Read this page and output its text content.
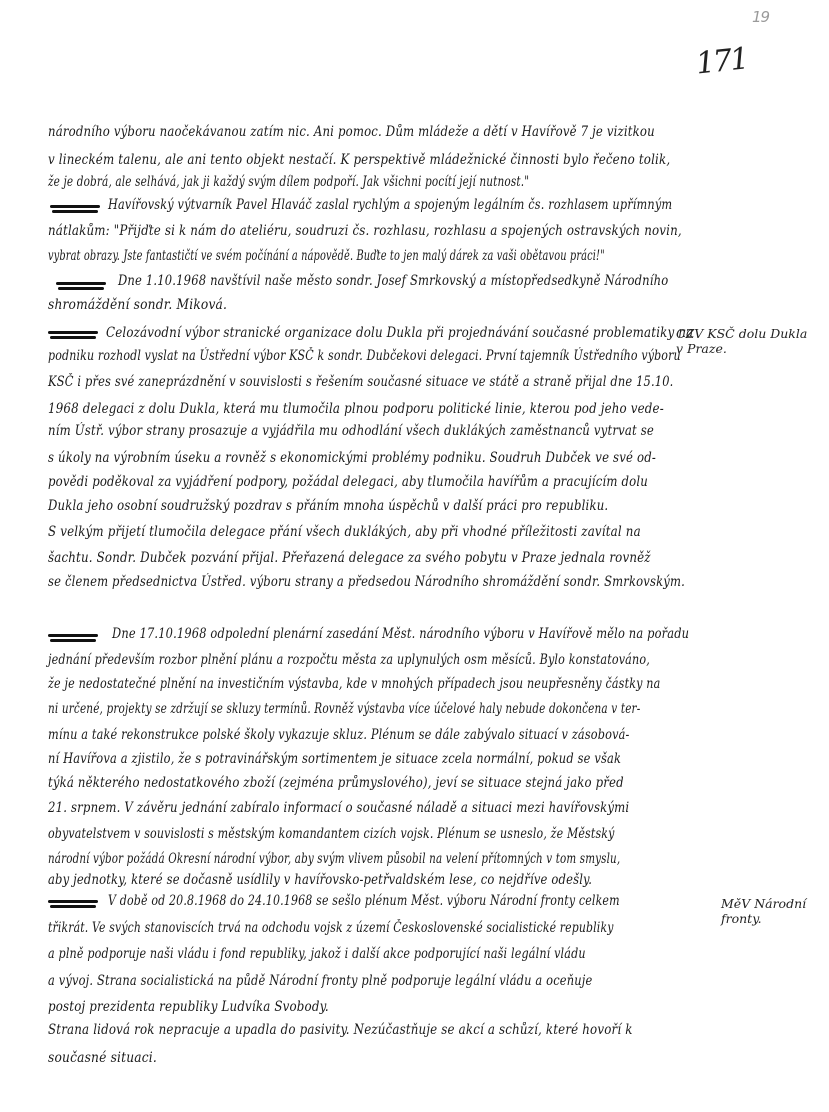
19
171
národního výboru naočekávanou zatím nic. Ani pomoc. Dům mládeže a dětí v Havířově 7 je vizitkou
v lineckém talenu, ale ani tento objekt nestačí. K perspektivě mládežnické činnosti bylo řečeno tolik,
že je dobrá, ale selhává, jak ji každý svým dílem podpoří. Jak všichni pocítí její nutnost."
Havířovský výtvarník Pavel Hlaváč zaslal rychlým a spojeným legálním čs. rozhlasem upřímným
nátlakům: "Přijďte si k nám do ateliéru, soudruzi čs. rozhlasu, rozhlasu a spojených ostravských novin,
vybrat obrazy. Jste fantastičtí ve svém počínání a nápovědě. Buďte to jen malý dárek za vaši obětavou práci!"
Dne 1.10.1968 navštívil naše město sondr. Josef Smrkovský a místopředsedkyně Národního
shromáždění sondr. Miková.
Celozávodní výbor stranické organizace dolu Dukla při projednávání současné problematiky na
podniku rozhodl vyslat na Ústřední výbor KSČ k sondr. Dubčekovi delegaci. První tajemník Ústředního výboru
KSČ i přes své zaneprázdnění v souvislosti s řešením současné situace ve státě a straně přijal dne 15.10.
1968 delegaci z dolu Dukla, která mu tlumočila plnou podporu politické linie, kterou pod jeho vede-
ním Ústř. výbor strany prosazuje a vyjádřila mu odhodlání všech duklákých zaměstnanců vytrvat se
s úkoly na výrobním úseku a rovněž s ekonomickými problémy podniku. Soudruh Dubček ve své od-
povědi poděkoval za vyjádření podpory, požádal delegaci, aby tlumočila havířům a pracujícím dolu
Dukla jeho osobní soudružský pozdrav s přáním mnoha úspěchů v další práci pro republiku.
S velkým přijetí tlumočila delegace přání všech duklákých, aby při vhodné příležitosti zavítal na
šachtu. Sondr. Dubček pozvání přijal. Přeřazená delegace za svého pobytu v Praze jednala rovněž
se členem předsednictva Ústřed. výboru strany a předsedou Národního shromáždění sondr. Smrkovským.
Dne 17.10.1968 odpolední plenární zasedání Měst. národního výboru v Havířově mělo na pořadu
jednání především rozbor plnění plánu a rozpočtu města za uplynulých osm měsíců. Bylo konstatováno,
že je nedostatečné plnění na investičním výstavba, kde v mnohých případech jsou neupřesněny částky na
ni určené, projekty se zdržují se skluzy termínů. Rovněž výstavba více účelové haly nebude dokončena v ter-
mínu a také rekonstrukce polské školy vykazuje skluz. Plénum se dále zabývalo situací v zásobová-
ní Havířova a zjistilo, že s potravinářským sortimentem je situace zcela normální, pokud se však
týká některého nedostatkového zboží (zejména průmyslového), jeví se situace stejná jako před
21. srpnem. V závěru jednání zabíralo informací o současné náladě a situaci mezi havířovskými
obyvatelstvem v souvislosti s městským komandantem cizích vojsk. Plénum se usneslo, že Městský
národní výbor požádá Okresní národní výbor, aby svým vlivem působil na velení přítomných v tom smyslu,
aby jednotky, které se dočasně usídlily v havířovsko-petřvaldském lese, co nejdříve odešly.
V době od 20.8.1968 do 24.10.1968 se sešlo plénum Měst. výboru Národní fronty celkem
třikrát. Ve svých stanoviscích trvá na odchodu vojsk z území Československé socialistické republiky
a plně podporuje naši vládu i fond republiky, jakož i další akce podporující naši legální vládu
a vývoj. Strana socialistická na půdě Národní fronty plně podporuje legální vládu a oceňuje
postoj prezidenta republiky Ludvíka Svobody.
Strana lidová rok nepracuje a upadla do pasivity. Nezúčastňuje se akcí a schůzí, které hovoří k
současné situaci.
CZV KSČ dolu Dukla
v Praze.
MěV Národní
fronty.
